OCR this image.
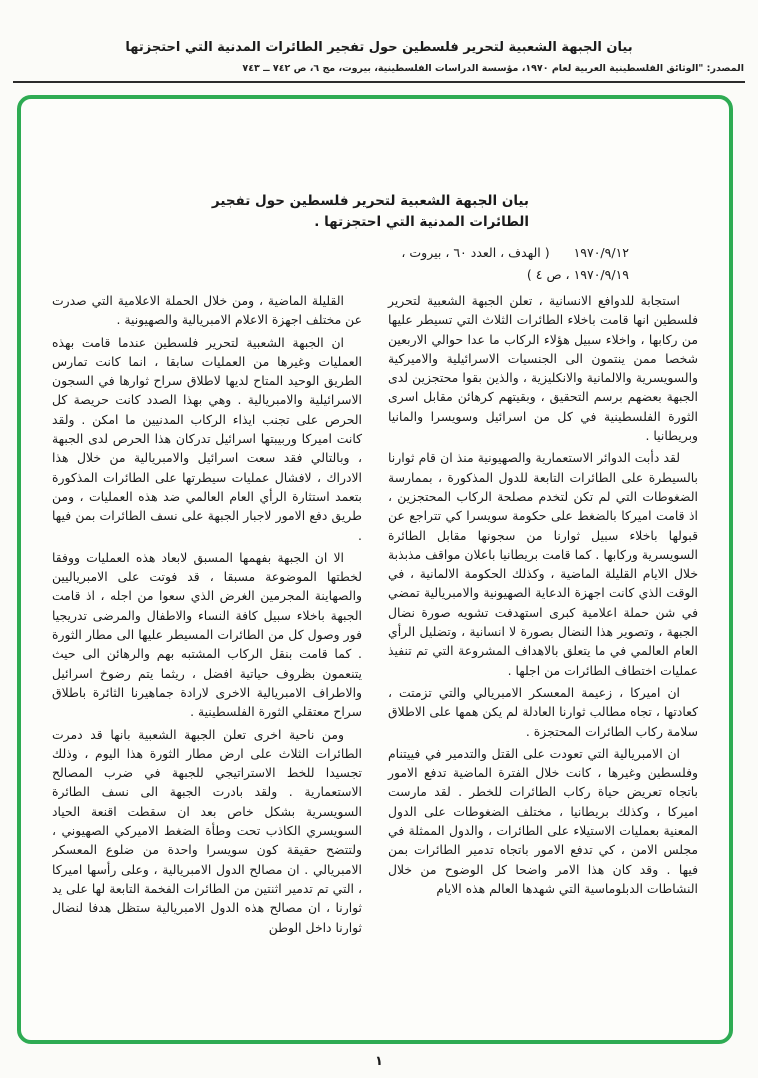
بيان الجبهة الشعبية لتحرير فلسطين حول تفجير الطائرات المدنية التي احتجزتها
المصدر: "الوثائق الفلسطينية العربية لعام ١٩٧٠، مؤسسة الدراسات الفلسطينية، بيروت، مج ٦، ص ٧٤٢ ــ ٧٤٣
بيان الجبهة الشعبية لتحرير فلسطين حول تفجير الطائرات المدنية التي احتجزتها .
١٩٧٠/٩/١٢ ( الهدف ، العدد ٦٠ ، بيروت ،
١٩٧٠/٩/١٩ ، ص ٤ )

استجابة للدوافع الانسانية ، تعلن الجبهة الشعبية لتحرير فلسطين انها قامت باخلاء الطائرات الثلاث التي تسيطر عليها من ركابها ، واخلاء سبيل هؤلاء الركاب ما عدا حوالي الاربعين شخصا ممن ينتمون الى الجنسيات الاسرائيلية والاميركية والسويسرية والالمانية والانكليزية ، والذين بقوا محتجزين لدى الجبهة بعضهم برسم التحقيق ، وبقيتهم كرهائن مقابل اسرى الثورة الفلسطينية في كل من اسرائيل وسويسرا والمانيا وبريطانيا .

لقد دأبت الدوائر الاستعمارية والصهيونية منذ ان قام ثوارنا بالسيطرة على الطائرات التابعة للدول المذكورة ، بممارسة الضغوطات التي لم تكن لتخدم مصلحة الركاب المحتجزين ، اذ قامت اميركا بالضغط على حكومة سويسرا كي تتراجع عن قبولها باخلاء سبيل ثوارنا من سجونها مقابل الطائرة السويسرية وركابها . كما قامت بريطانيا باعلان مواقف مذبذبة خلال الايام القليلة الماضية ، وكذلك الحكومة الالمانية ، في الوقت الذي كانت اجهزة الدعاية الصهيونية والامبريالية تمضي في شن حملة اعلامية كبرى استهدفت تشويه صورة نضال الجبهة ، وتصوير هذا النضال بصورة لا انسانية ، وتضليل الرأي العام العالمي في ما يتعلق بالاهداف المشروعة التي تم تنفيذ عمليات اختطاف الطائرات من اجلها .

ان اميركا ، زعيمة المعسكر الامبريالي والتي تزمتت ، كعادتها ، تجاه مطالب ثوارنا العادلة لم يكن همها على الاطلاق سلامة ركاب الطائرات المحتجزة .

ان الامبريالية التي تعودت على القتل والتدمير في فييتنام وفلسطين وغيرها ، كانت خلال الفترة الماضية تدفع الامور باتجاه تعريض حياة ركاب الطائرات للخطر . لقد مارست اميركا ، وكذلك بريطانيا ، مختلف الضغوطات على الدول المعنية بعمليات الاستيلاء على الطائرات ، والدول الممثلة في مجلس الامن ، كي تدفع الامور باتجاه تدمير الطائرات بمن فيها . وقد كان هذا الامر واضحا كل الوضوح من خلال النشاطات الدبلوماسية التي شهدها العالم هذه الايام

القليلة الماضية ، ومن خلال الحملة الاعلامية التي صدرت عن مختلف اجهزة الاعلام الامبريالية والصهيونية .

ان الجبهة الشعبية لتحرير فلسطين عندما قامت بهذه العمليات وغيرها من العمليات سابقا ، انما كانت تمارس الطريق الوحيد المتاح لديها لاطلاق سراح ثوارها في السجون الاسرائيلية والامبريالية . وهي بهذا الصدد كانت حريصة كل الحرص على تجنب ايذاء الركاب المدنيين ما امكن . ولقد كانت اميركا وربيبتها اسرائيل تدركان هذا الحرص لدى الجبهة ، وبالتالي فقد سعت اسرائيل والامبريالية من خلال هذا الادراك ، لافشال عمليات سيطرتها على الطائرات المذكورة بتعمد استثارة الرأي العام العالمي ضد هذه العمليات ، ومن طريق دفع الامور لاجبار الجبهة على نسف الطائرات بمن فيها .

الا ان الجبهة بفهمها المسبق لابعاد هذه العمليات ووفقا لخطتها الموضوعة مسبقا ، قد فوتت على الامبرياليين والصهاينة المجرمين الغرض الذي سعوا من اجله ، اذ قامت الجبهة باخلاء سبيل كافة النساء والاطفال والمرضى تدريجيا فور وصول كل من الطائرات المسيطر عليها الى مطار الثورة . كما قامت بنقل الركاب المشتبه بهم والرهائن الى حيث يتنعمون بظروف حياتية افضل ، ريثما يتم رضوخ اسرائيل والاطراف الامبريالية الاخرى لارادة جماهيرنا الثائرة باطلاق سراح معتقلي الثورة الفلسطينية .

ومن ناحية اخرى تعلن الجبهة الشعبية بانها قد دمرت الطائرات الثلاث على ارض مطار الثورة هذا اليوم ، وذلك تجسيدا للخط الاستراتيجي للجبهة في ضرب المصالح الاستعمارية . ولقد بادرت الجبهة الى نسف الطائرة السويسرية بشكل خاص بعد ان سقطت اقنعة الحياد السويسري الكاذب تحت وطأة الضغط الاميركي الصهيوني ، ولتتضح حقيقة كون سويسرا واحدة من ضلوع المعسكر الامبريالي . ان مصالح الدول الامبريالية ، وعلى رأسها اميركا ، التي تم تدمير اثنتين من الطائرات الفخمة التابعة لها على يد ثوارنا ، ان مصالح هذه الدول الامبريالية ستظل هدفا لنضال ثوارنا داخل الوطن

١
